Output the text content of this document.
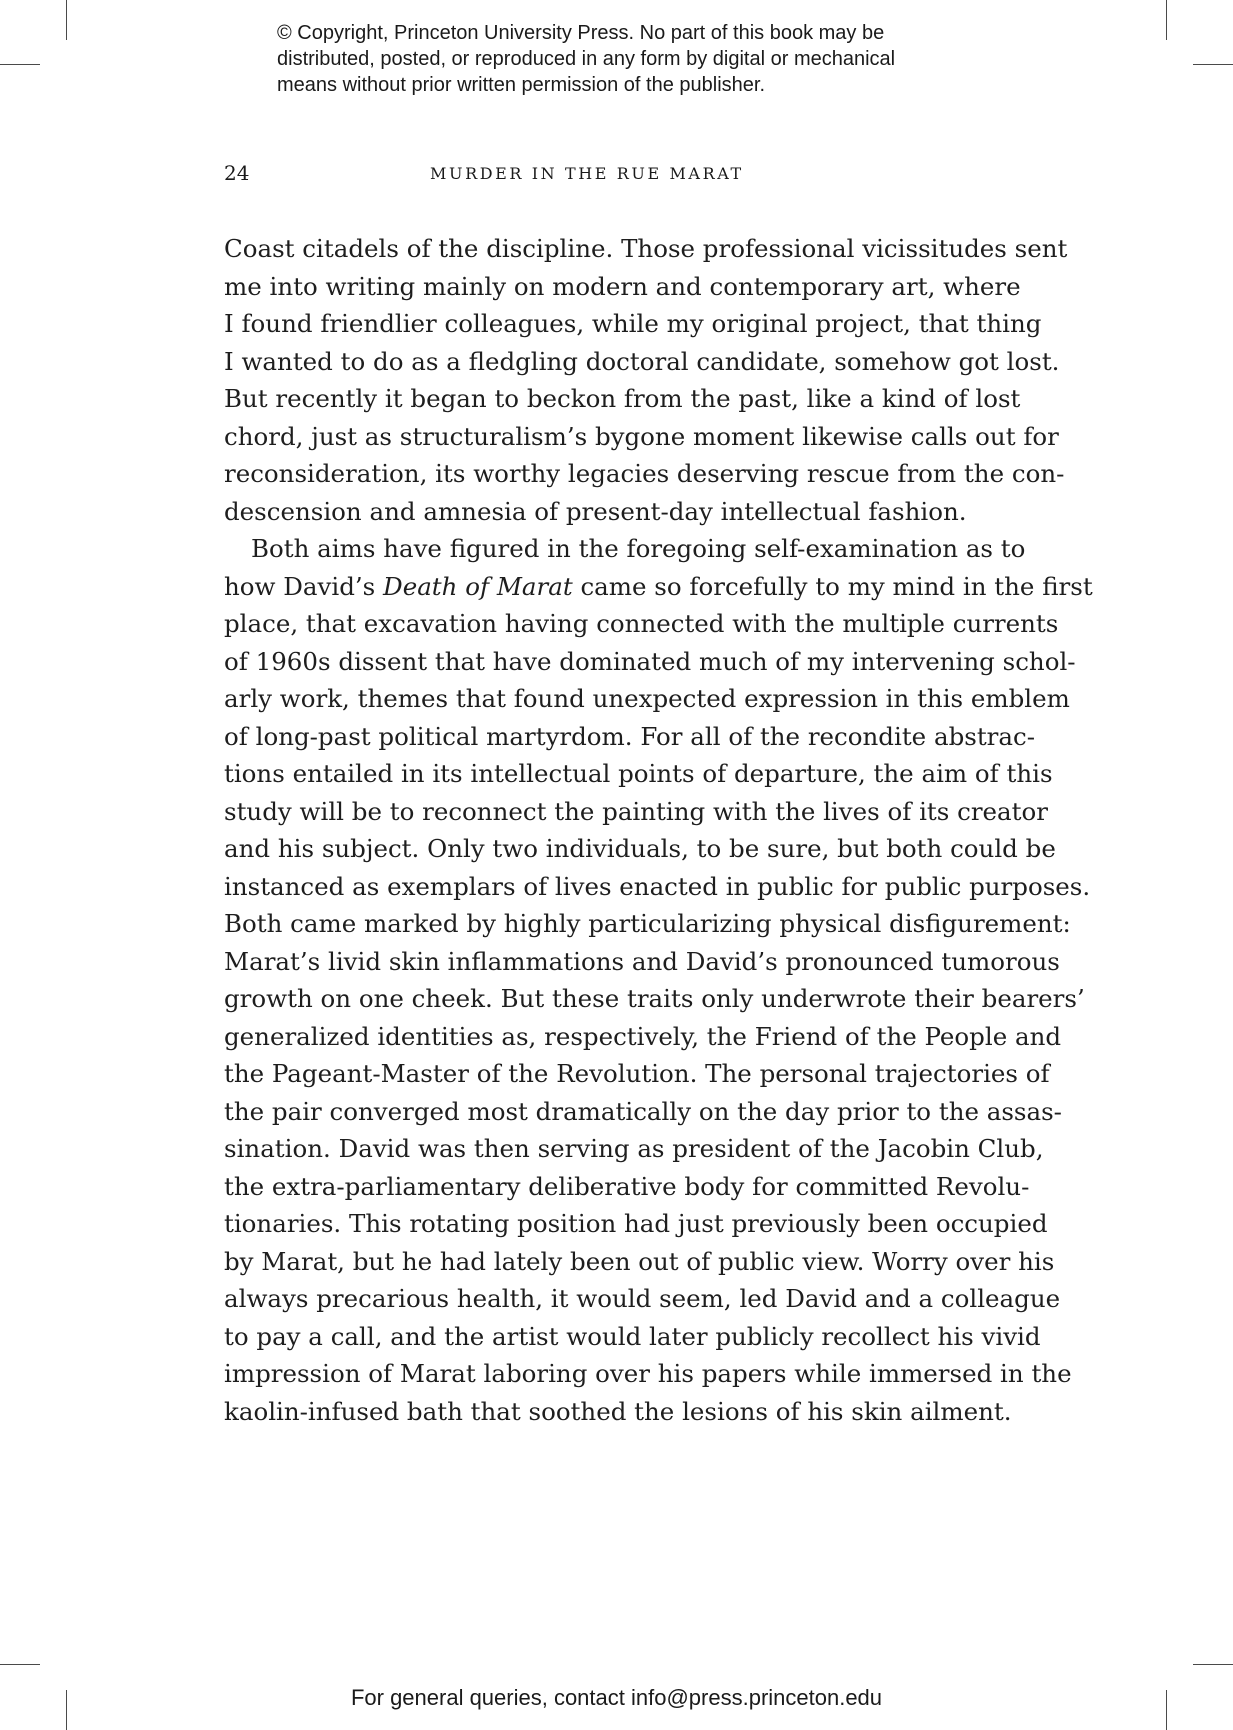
© Copyright, Princeton University Press. No part of this book may be
distributed, posted, or reproduced in any form by digital or mechanical
means without prior written permission of the publisher.
24	MURDER IN THE RUE MARAT
Coast citadels of the discipline. Those professional vicissitudes sent
me into writing mainly on modern and contemporary art, where
I found friendlier colleagues, while my original project, that thing
I wanted to do as a fledgling doctoral candidate, somehow got lost.
But recently it began to beckon from the past, like a kind of lost
chord, just as structuralism’s bygone moment likewise calls out for
reconsideration, its worthy legacies deserving rescue from the con-
descension and amnesia of present-day intellectual fashion.
Both aims have figured in the foregoing self-examination as to
how David’s Death of Marat came so forcefully to my mind in the first
place, that excavation having connected with the multiple currents
of 1960s dissent that have dominated much of my intervening schol-
arly work, themes that found unexpected expression in this emblem
of long-past political martyrdom. For all of the recondite abstrac-
tions entailed in its intellectual points of departure, the aim of this
study will be to reconnect the painting with the lives of its creator
and his subject. Only two individuals, to be sure, but both could be
instanced as exemplars of lives enacted in public for public purposes.
Both came marked by highly particularizing physical disfigurement:
Marat’s livid skin inflammations and David’s pronounced tumorous
growth on one cheek. But these traits only underwrote their bearers’
generalized identities as, respectively, the Friend of the People and
the Pageant-Master of the Revolution. The personal trajectories of
the pair converged most dramatically on the day prior to the assas-
sination. David was then serving as president of the Jacobin Club,
the extra-parliamentary deliberative body for committed Revolu-
tionaries. This rotating position had just previously been occupied
by Marat, but he had lately been out of public view. Worry over his
always precarious health, it would seem, led David and a colleague
to pay a call, and the artist would later publicly recollect his vivid
impression of Marat laboring over his papers while immersed in the
kaolin-infused bath that soothed the lesions of his skin ailment.
For general queries, contact info@press.princeton.edu
